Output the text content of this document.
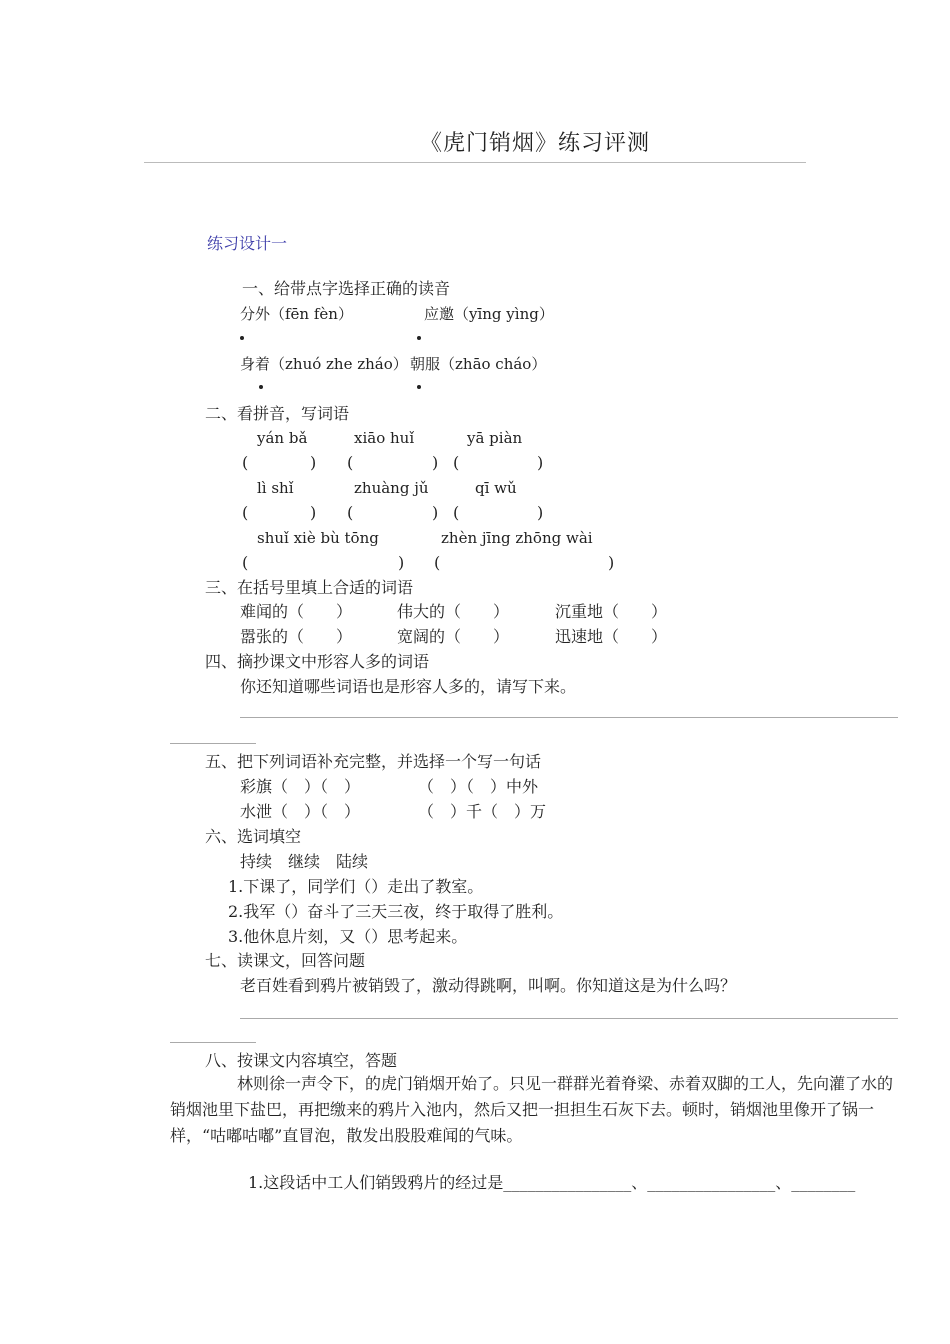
《虎门销烟》练习评测
练习设计一
一、给带点字选择正确的读音
分外（fēn fèn）	应邀（yīng yìng）
身着（zhuó zhe zháo） 朝服（zhāo cháo）
二、看拼音，写词语
yán bǎ	xiāo huǐ	yā piàn
(	) (	) (	)
lì shǐ	zhuàng jǔ	qī wǔ
(	) (	) (	)
shuǐ xiè bù tōng	zhèn jīng zhōng wài
(	) (	)
三、在括号里填上合适的词语
难闻的（　　）	伟大的（　　）	沉重地（　　）
嚣张的（　　）	宽阔的（　　）	迅速地（　　）
四、摘抄课文中形容人多的词语
你还知道哪些词语也是形容人多的，请写下来。
五、把下列词语补充完整，并选择一个写一句话
彩旗（　）（　）	（　）（　）中外
水泄（　）（　）	（　）千（　）万
六、选词填空
持续　继续　陆续
1.下课了，同学们（）走出了教室。
2.我军（）奋斗了三天三夜，终于取得了胜利。
3.他休息片刻，又（）思考起来。
七、读课文，回答问题
老百姓看到鸦片被销毁了，激动得跳啊，叫啊。你知道这是为什么吗？
八、按课文内容填空，答题
林则徐一声令下，的虎门销烟开始了。只见一群群光着脊梁、赤着双脚的工人，先向灌了水的销烟池里下盐巴，再把缴来的鸦片入池内，然后又把一担担生石灰下去。顿时，销烟池里像开了锅一样，“咕嘟咕嘟”直冒泡，散发出股股难闻的气味。
1.这段话中工人们销毁鸦片的经过是________________、________________、________
